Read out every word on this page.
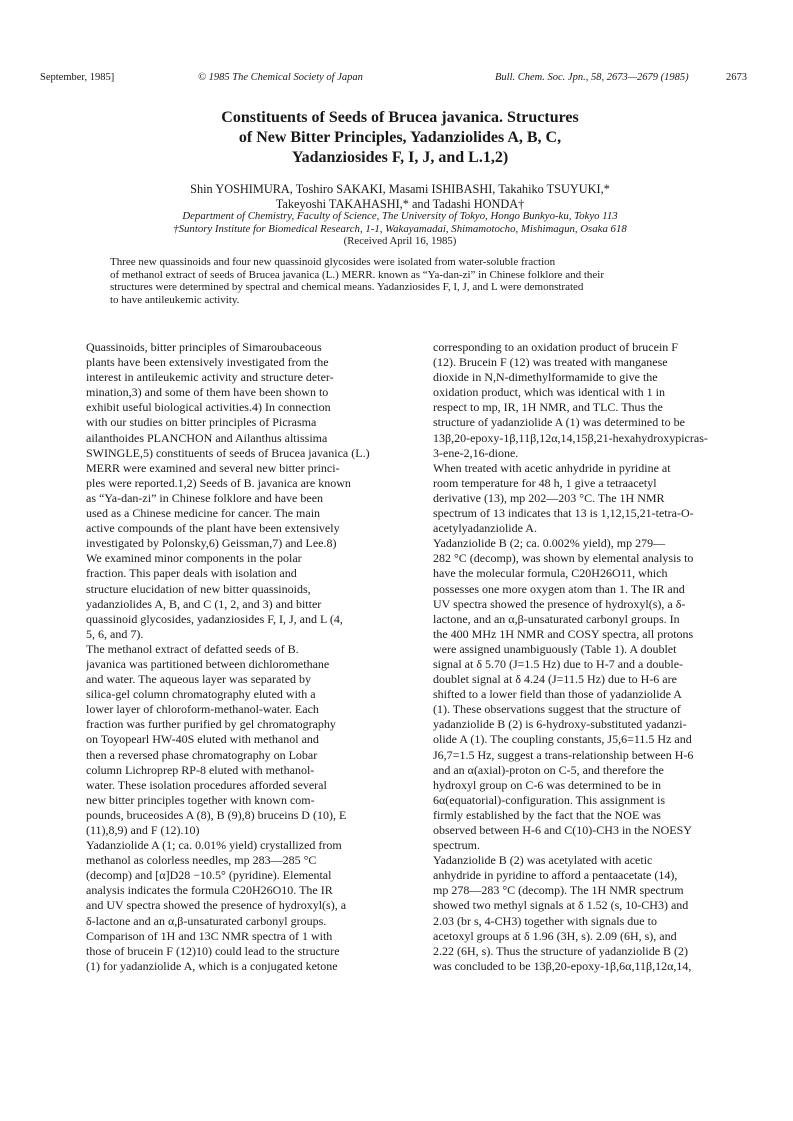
September, 1985]	© 1985 The Chemical Society of Japan	Bull. Chem. Soc. Jpn., 58, 2673—2679 (1985)	2673
Constituents of Seeds of Brucea javanica. Structures
of New Bitter Principles, Yadanziolides A, B, C,
Yadanziosides F, I, J, and L.1,2)
Shin YOSHIMURA, Toshiro SAKAKI, Masami ISHIBASHI, Takahiko TSUYUKI,*
Takeyoshi TAKAHASHI,* and Tadashi HONDA†
Department of Chemistry, Faculty of Science, The University of Tokyo, Hongo Bunkyo-ku, Tokyo 113
†Suntory Institute for Biomedical Research, 1-1, Wakayamadai, Shimamotocho, Mishimagun, Osaka 618
(Received April 16, 1985)
Three new quassinoids and four new quassinoid glycosides were isolated from water-soluble fraction
of methanol extract of seeds of Brucea javanica (L.) MERR. known as “Ya-dan-zi” in Chinese folklore and their
structures were determined by spectral and chemical means. Yadanziosides F, I, J, and L were demonstrated
to have antileukemic activity.
Quassinoids, bitter principles of Simaroubaceous
plants have been extensively investigated from the
interest in antileukemic activity and structure deter-
mination,3) and some of them have been shown to
exhibit useful biological activities.4) In connection
with our studies on bitter principles of Picrasma
ailanthoides PLANCHON and Ailanthus altissima
SWINGLE,5) constituents of seeds of Brucea javanica (L.)
MERR were examined and several new bitter princi-
ples were reported.1,2) Seeds of B. javanica are known
as “Ya-dan-zi” in Chinese folklore and have been
used as a Chinese medicine for cancer. The main
active compounds of the plant have been extensively
investigated by Polonsky,6) Geissman,7) and Lee.8)
We examined minor components in the polar
fraction. This paper deals with isolation and
structure elucidation of new bitter quassinoids,
yadanziolides A, B, and C (1, 2, and 3) and bitter
quassinoid glycosides, yadanziosides F, I, J, and L (4,
5, 6, and 7).
The methanol extract of defatted seeds of B.
javanica was partitioned between dichloromethane
and water. The aqueous layer was separated by
silica-gel column chromatography eluted with a
lower layer of chloroform-methanol-water. Each
fraction was further purified by gel chromatography
on Toyopearl HW-40S eluted with methanol and
then a reversed phase chromatography on Lobar
column Lichroprep RP-8 eluted with methanol-
water. These isolation procedures afforded several
new bitter principles together with known com-
pounds, bruceosides A (8), B (9),8) bruceins D (10), E
(11),8,9) and F (12).10)
Yadanziolide A (1; ca. 0.01% yield) crystallized from
methanol as colorless needles, mp 283—285 °C
(decomp) and [α]D28 −10.5° (pyridine). Elemental
analysis indicates the formula C20H26O10. The IR
and UV spectra showed the presence of hydroxyl(s), a
δ-lactone and an α,β-unsaturated carbonyl groups.
Comparison of 1H and 13C NMR spectra of 1 with
those of brucein F (12)10) could lead to the structure
(1) for yadanziolide A, which is a conjugated ketone
corresponding to an oxidation product of brucein F
(12). Brucein F (12) was treated with manganese
dioxide in N,N-dimethylformamide to give the
oxidation product, which was identical with 1 in
respect to mp, IR, 1H NMR, and TLC. Thus the
structure of yadanziolide A (1) was determined to be
13β,20-epoxy-1β,11β,12α,14,15β,21-hexahydroxypicras-
3-ene-2,16-dione.
When treated with acetic anhydride in pyridine at
room temperature for 48 h, 1 give a tetraacetyl
derivative (13), mp 202—203 °C. The 1H NMR
spectrum of 13 indicates that 13 is 1,12,15,21-tetra-O-
acetylyadanziolide A.
Yadanziolide B (2; ca. 0.002% yield), mp 279—
282 °C (decomp), was shown by elemental analysis to
have the molecular formula, C20H26O11, which
possesses one more oxygen atom than 1. The IR and
UV spectra showed the presence of hydroxyl(s), a δ-
lactone, and an α,β-unsaturated carbonyl groups. In
the 400 MHz 1H NMR and COSY spectra, all protons
were assigned unambiguously (Table 1). A doublet
signal at δ 5.70 (J=1.5 Hz) due to H-7 and a double-
doublet signal at δ 4.24 (J=11.5 Hz) due to H-6 are
shifted to a lower field than those of yadanziolide A
(1). These observations suggest that the structure of
yadanziolide B (2) is 6-hydroxy-substituted yadanzi-
olide A (1). The coupling constants, J5,6=11.5 Hz and
J6,7=1.5 Hz, suggest a trans-relationship between H-6
and an α(axial)-proton on C-5, and therefore the
hydroxyl group on C-6 was determined to be in
6α(equatorial)-configuration. This assignment is
firmly established by the fact that the NOE was
observed between H-6 and C(10)-CH3 in the NOESY
spectrum.
Yadanziolide B (2) was acetylated with acetic
anhydride in pyridine to afford a pentaacetate (14),
mp 278—283 °C (decomp). The 1H NMR spectrum
showed two methyl signals at δ 1.52 (s, 10-CH3) and
2.03 (br s, 4-CH3) together with signals due to
acetoxyl groups at δ 1.96 (3H, s). 2.09 (6H, s), and
2.22 (6H, s). Thus the structure of yadanziolide B (2)
was concluded to be 13β,20-epoxy-1β,6α,11β,12α,14,
